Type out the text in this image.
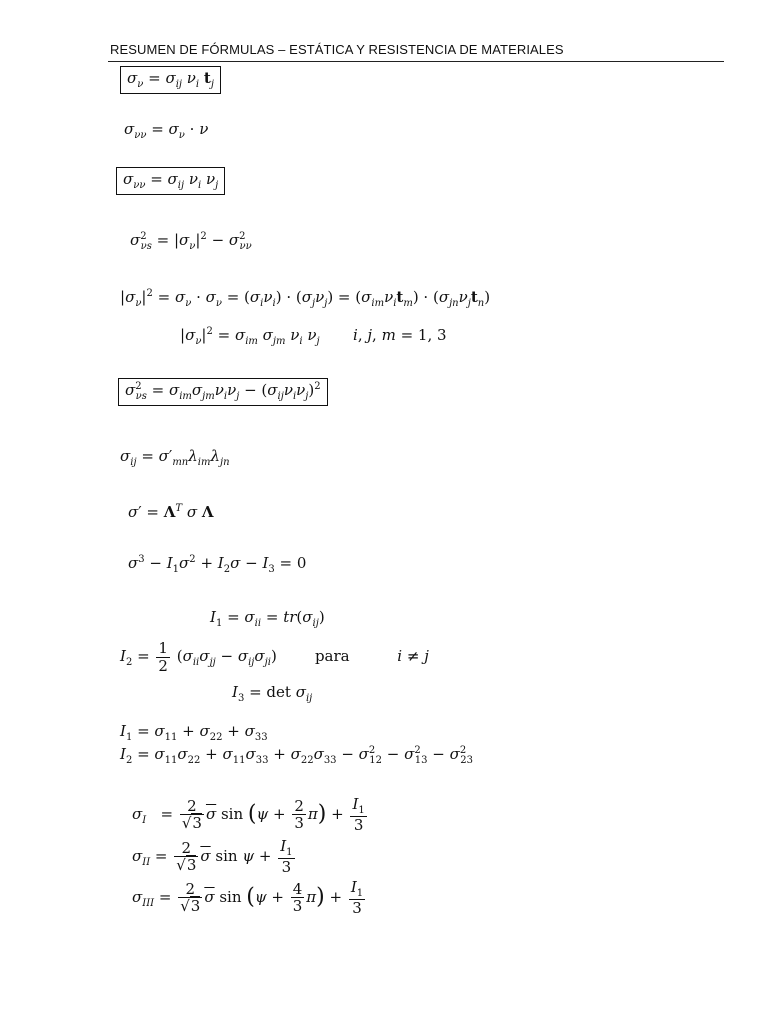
RESUMEN DE FÓRMULAS – ESTÁTICA Y RESISTENCIA DE MATERIALES
$\sigma_\nu = \sigma_{ij}$ $\nu_i$ $t_j$
$\sigma_{\nu\nu} = \sigma_\nu \cdot \nu$
$\sigma_{\nu\nu} = \sigma_{ij}$ $\nu_i$ $\nu_j$
$\sigma^2_{\nu s} = |\sigma_\nu|^2 - \sigma^2_{\nu\nu}$
$|\sigma_\nu|^2 = \sigma_\nu \cdot \sigma_\nu = (\sigma_i\nu_i) \cdot (\sigma_j\nu_j) = (\sigma_{im}\nu_it_m) \cdot (\sigma_{jn}\nu_jt_n)$
$|\sigma_\nu|^2 = \sigma_{im}$ $\sigma_{jm}$ $\nu_i$ $\nu_j$ i, j, m = 1, 3
$\sigma^2_{\nu s} = \sigma_{im}\sigma_{jm}\nu_i\nu_j - (\sigma_{ij}\nu_i\nu_j)^2$
$\sigma_{ij} = \sigma'_{mn}\lambda_{im}\lambda_{jn}$
$\sigma' = \Lambda^T$ σ Λ
$\sigma^3 - I_1\sigma^2 + I_2\sigma - I_3 = 0$
$I_1 = \sigma_{ii} = tr(\sigma_{ij})$
$I_2 = \frac{1}{2} (\sigma_{ii}\sigma_{jj} - \sigma_{ij}\sigma_{ji})$        para	i ≠ j
$I_3 = \det \sigma_{ij}$
$I_1 = \sigma_{11} + \sigma_{22} + \sigma_{33}$
$I_2 = \sigma_{11}\sigma_{22} + \sigma_{11}\sigma_{33} + \sigma_{22}\sigma_{33} - \sigma^2_{12} - \sigma^2_{13} - \sigma^2_{23}$
$\sigma_I = \frac{2}{√3} \overline{\sigma}$ $\sin (\psi + \frac{2}{3} \pi) + \frac{I_1}{3}$
$\sigma_{II} = \frac{2}{√3} \overline{\sigma}$ $\sin \psi + \frac{I_1}{3}$
$\sigma_{III} = \frac{2}{√3} \overline{\sigma}$ $\sin (\psi + \frac{4}{3} \pi) + \frac{I_1}{3}$
